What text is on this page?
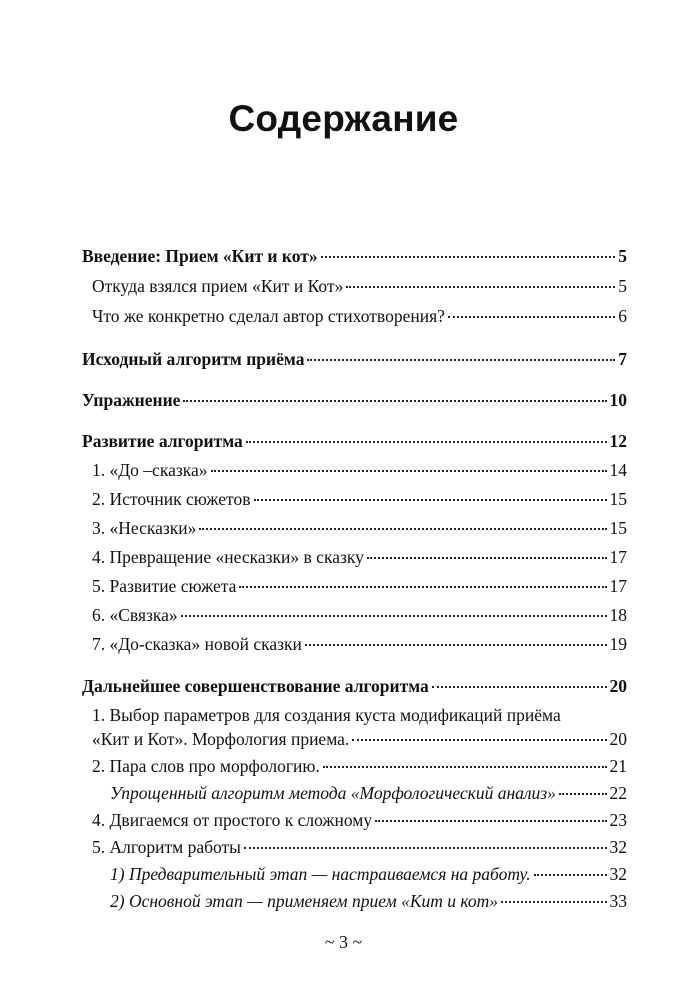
Содержание
Введение: Прием «Кит и кот»	5
Откуда взялся прием «Кит и Кот»	5
Что же конкретно сделал автор стихотворения?	6
Исходный алгоритм приёма	7
Упражнение	10
Развитие алгоритма	12
1. «До –сказка»	14
2. Источник сюжетов	15
3. «Несказки»	15
4. Превращение «несказки» в сказку	17
5. Развитие сюжета	17
6. «Связка»	18
7. «До-сказка» новой сказки	19
Дальнейшее совершенствование алгоритма	20
1. Выбор параметров для создания куста модификаций приёма
«Кит и Кот». Морфология приема.	20
2. Пара слов про морфологию.	21
Упрощенный алгоритм метода «Морфологический анализ»	22
4. Двигаемся от простого к сложному	23
5. Алгоритм работы	32
1) Предварительный этап — настраиваемся на работу.	32
2) Основной этап — применяем прием «Кит и кот»	33
~ 3 ~
